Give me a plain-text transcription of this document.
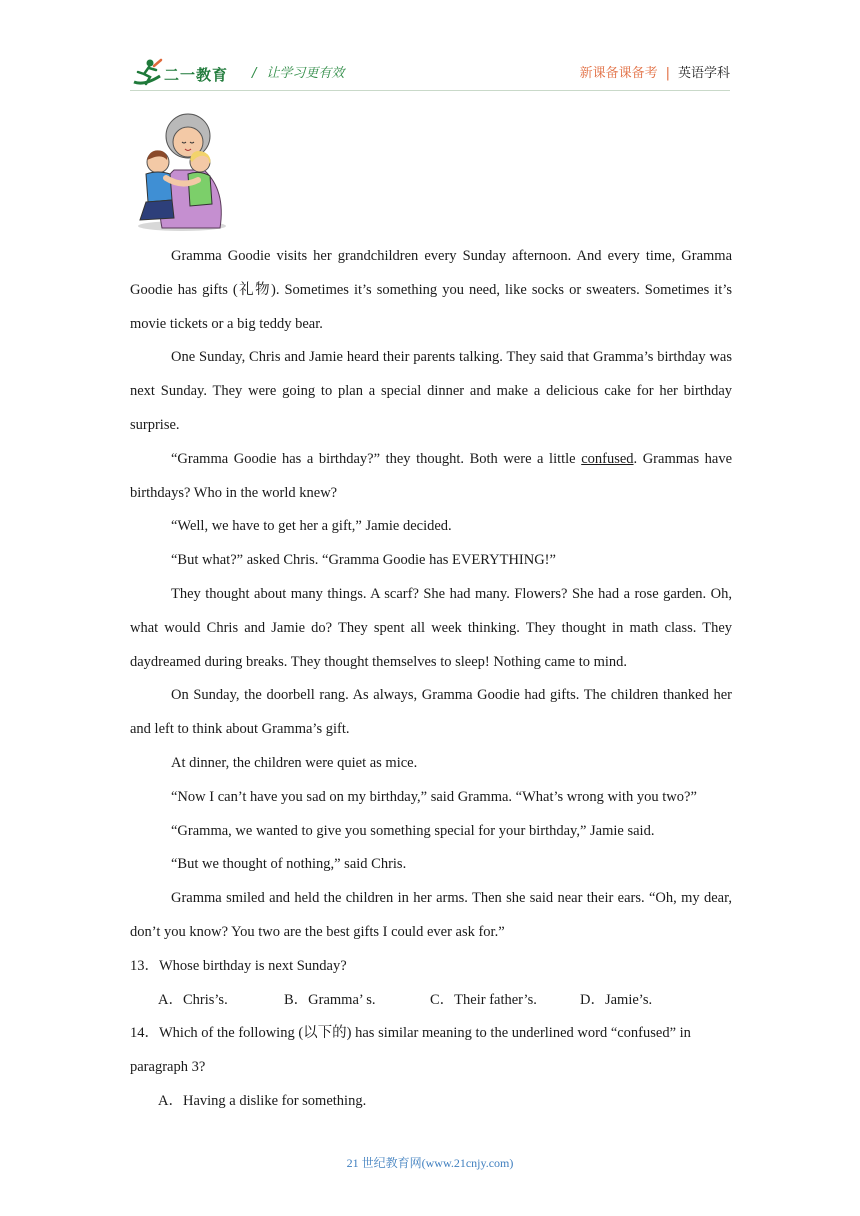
二一教育 / 让学习更有效	新课备课备考 | 英语学科

Gramma Goodie visits her grandchildren every Sunday afternoon. And every time, Gramma Goodie has gifts (礼物). Sometimes it’s something you need, like socks or sweaters. Sometimes it’s movie tickets or a big teddy bear.

One Sunday, Chris and Jamie heard their parents talking. They said that Gramma’s birthday was next Sunday. They were going to plan a special dinner and make a delicious cake for her birthday surprise.

“Gramma Goodie has a birthday?” they thought. Both were a little confused. Grammas have birthdays? Who in the world knew?

“Well, we have to get her a gift,” Jamie decided.

“But what?” asked Chris. “Gramma Goodie has EVERYTHING!”

They thought about many things. A scarf? She had many. Flowers? She had a rose garden. Oh, what would Chris and Jamie do? They spent all week thinking. They thought in math class. They daydreamed during breaks. They thought themselves to sleep! Nothing came to mind.

On Sunday, the doorbell rang. As always, Gramma Goodie had gifts. The children thanked her and left to think about Gramma’s gift.

At dinner, the children were quiet as mice.

“Now I can’t have you sad on my birthday,” said Gramma. “What’s wrong with you two?”

“Gramma, we wanted to give you something special for your birthday,” Jamie said.

“But we thought of nothing,” said Chris.

Gramma smiled and held the children in her arms. Then she said near their ears. “Oh, my dear, don’t you know? You two are the best gifts I could ever ask for.”

13．Whose birthday is next Sunday?

A．Chris’s.	B．Gramma’ s.	C．Their father’s.	D．Jamie’s.

14．Which of the following (以下的) has similar meaning to the underlined word “confused” in paragraph 3?

A．Having a dislike for something.
21 世纪教育网(www.21cnjy.com)
